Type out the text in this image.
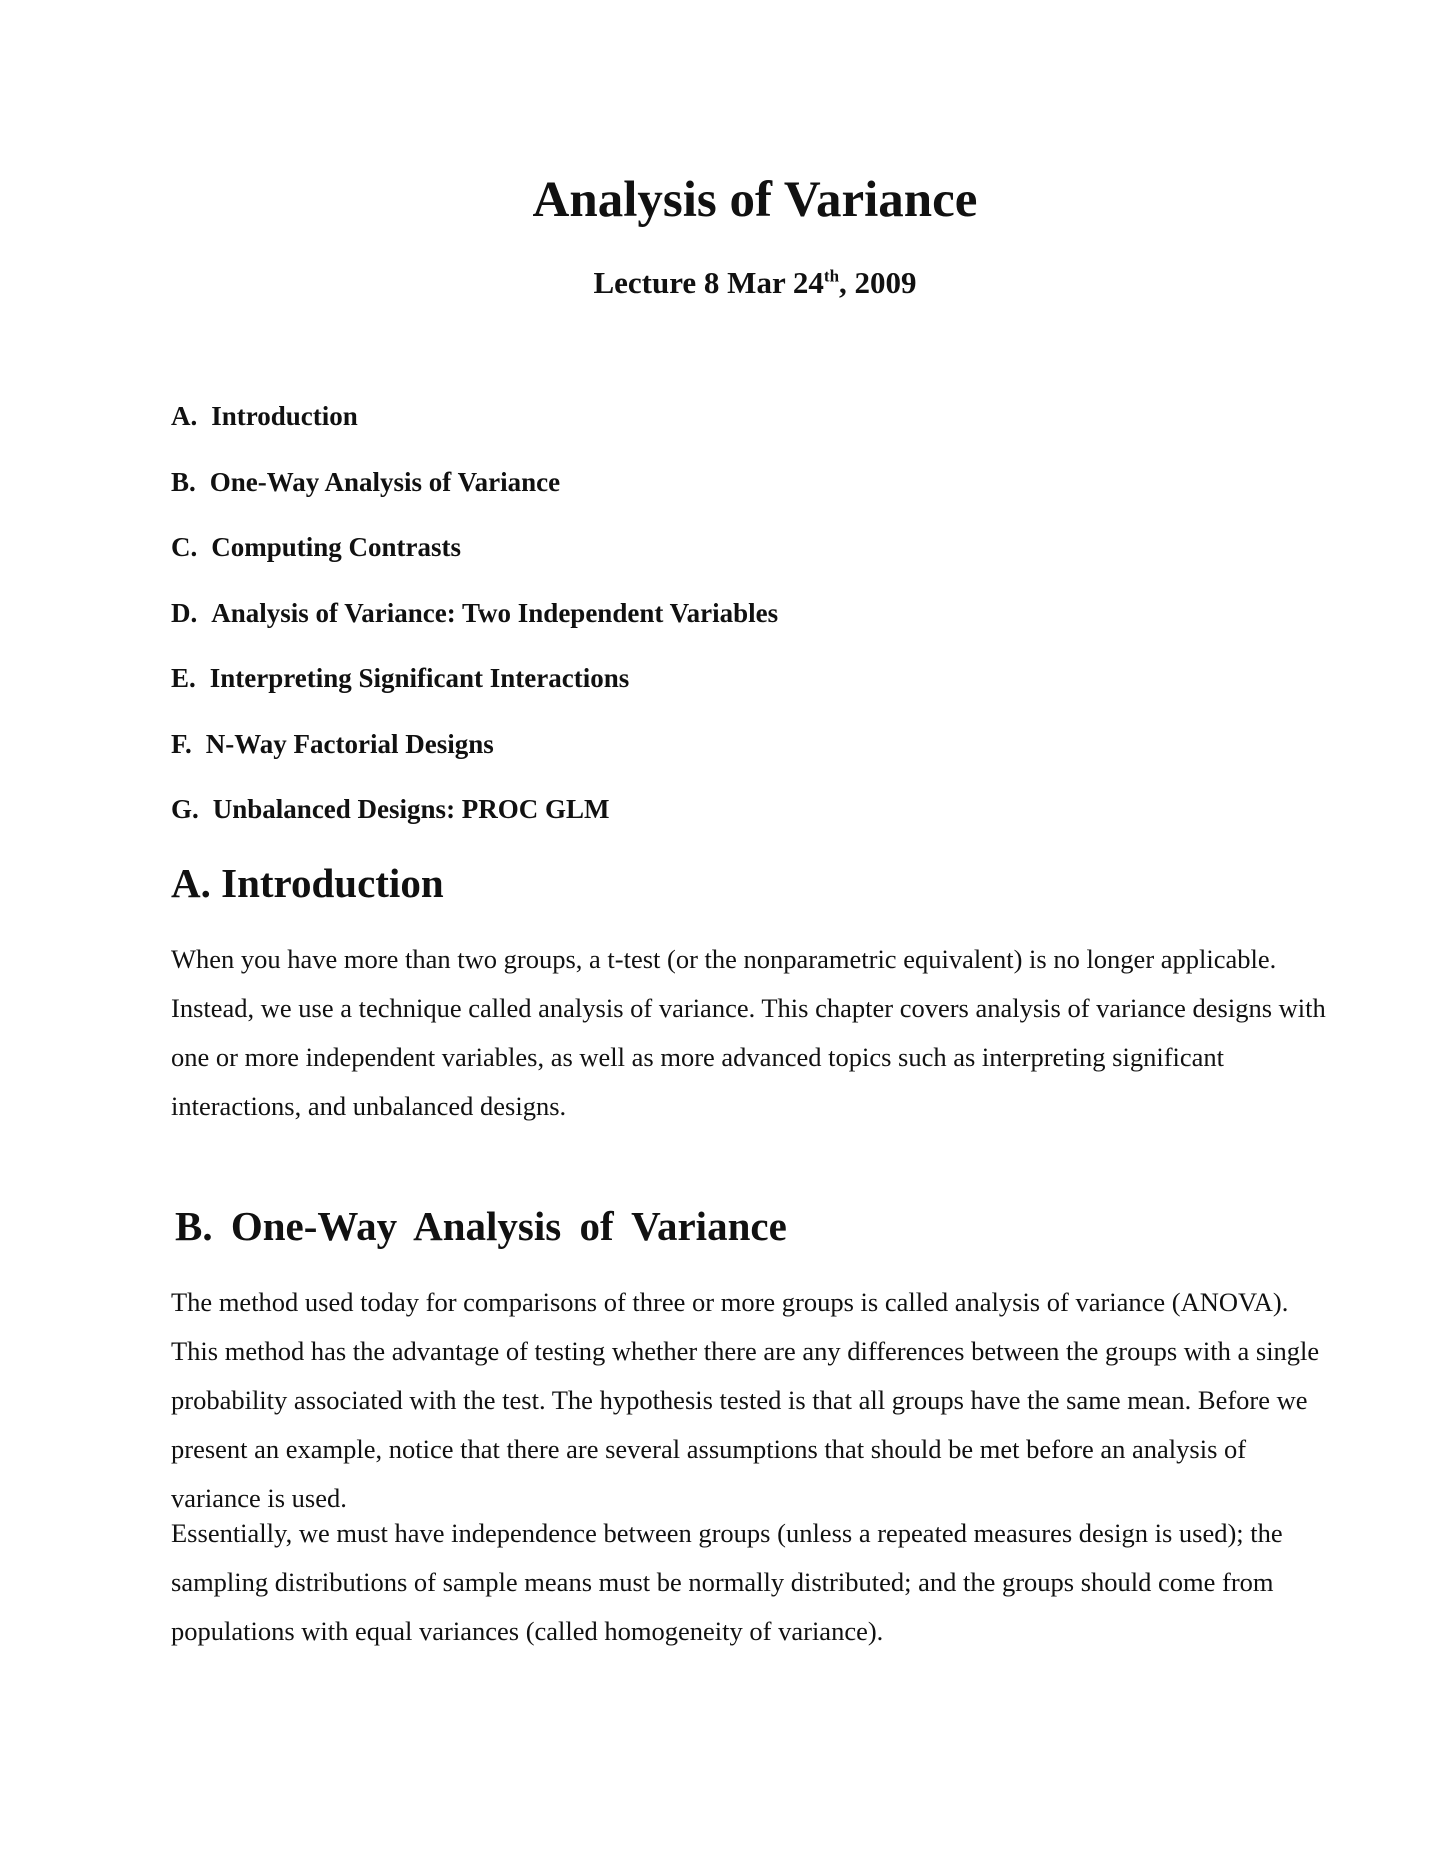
Analysis of Variance
Lecture 8 Mar 24th, 2009
A. Introduction
B. One-Way Analysis of Variance
C. Computing Contrasts
D. Analysis of Variance: Two Independent Variables
E. Interpreting Significant Interactions
F. N-Way Factorial Designs
G. Unbalanced Designs: PROC GLM
A. Introduction

When you have more than two groups, a t-test (or the nonparametric equivalent) is no longer applicable. Instead, we use a technique called analysis of variance. This chapter covers analysis of variance designs with one or more independent variables, as well as more advanced topics such as interpreting significant interactions, and unbalanced designs.

B. One-Way Analysis of Variance

The method used today for comparisons of three or more groups is called analysis of variance (ANOVA). This method has the advantage of testing whether there are any differences between the groups with a single probability associated with the test. The hypothesis tested is that all groups have the same mean. Before we present an example, notice that there are several assumptions that should be met before an analysis of variance is used.

Essentially, we must have independence between groups (unless a repeated measures design is used); the sampling distributions of sample means must be normally distributed; and the groups should come from populations with equal variances (called homogeneity of variance).
